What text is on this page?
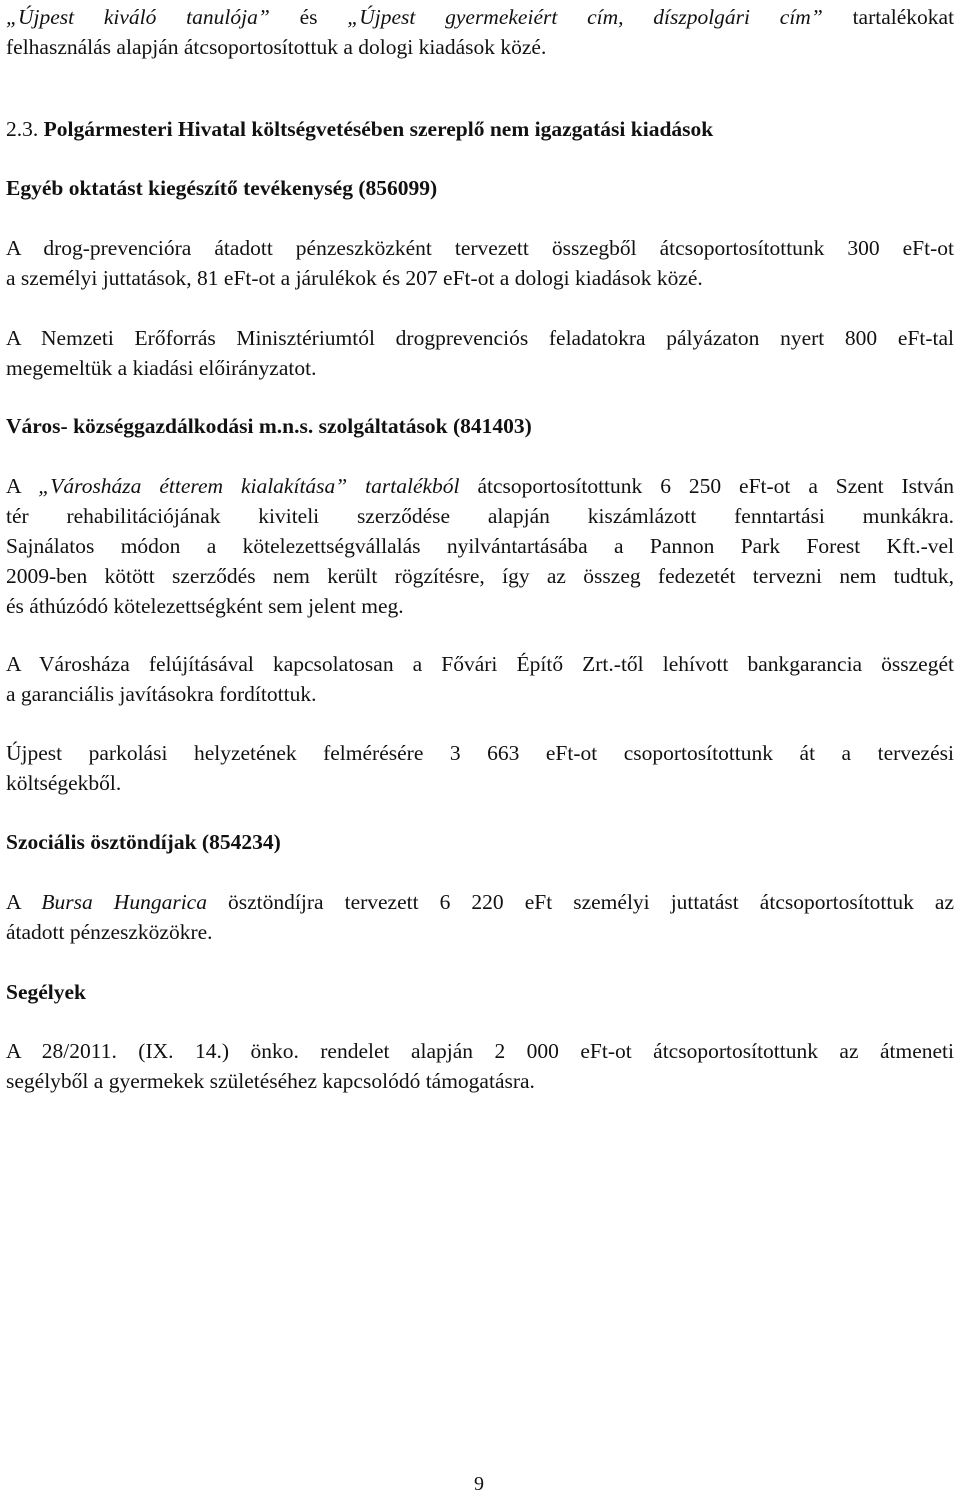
„Újpest kiváló tanulója” és „Újpest gyermekeiért cím, díszpolgári cím” tartalékokat
felhasználás alapján átcsoportosítottuk a dologi kiadások közé.

2.3. Polgármesteri Hivatal költségvetésében szereplő nem igazgatási kiadások

Egyéb oktatást kiegészítő tevékenység (856099)

A drog-prevencióra átadott pénzeszközként tervezett összegből átcsoportosítottunk 300 eFt-ot
a személyi juttatások, 81 eFt-ot a járulékok és 207 eFt-ot a dologi kiadások közé.

A Nemzeti Erőforrás Minisztériumtól drogprevenciós feladatokra pályázaton nyert 800 eFt-tal
megemeltük a kiadási előirányzatot.

Város- községgazdálkodási m.n.s. szolgáltatások (841403)

A „Városháza étterem kialakítása” tartalékból átcsoportosítottunk 6 250 eFt-ot a Szent István
tér rehabilitációjának kiviteli szerződése alapján kiszámlázott fenntartási munkákra.
Sajnálatos módon a kötelezettségvállalás nyilvántartásába a Pannon Park Forest Kft.-vel
2009-ben kötött szerződés nem került rögzítésre, így az összeg fedezetét tervezni nem tudtuk,
és áthúzódó kötelezettségként sem jelent meg.

A Városháza felújításával kapcsolatosan a Fővári Építő Zrt.-től lehívott bankgarancia összegét
a garanciális javításokra fordítottuk.

Újpest parkolási helyzetének felmérésére 3 663 eFt-ot csoportosítottunk át a tervezési
költségekből.

Szociális ösztöndíjak (854234)

A Bursa Hungarica ösztöndíjra tervezett 6 220 eFt személyi juttatást átcsoportosítottuk az
átadott pénzeszközökre.

Segélyek

A 28/2011. (IX. 14.) önko. rendelet alapján 2 000 eFt-ot átcsoportosítottunk az átmeneti
segélyből a gyermekek születéséhez kapcsolódó támogatásra.

9
